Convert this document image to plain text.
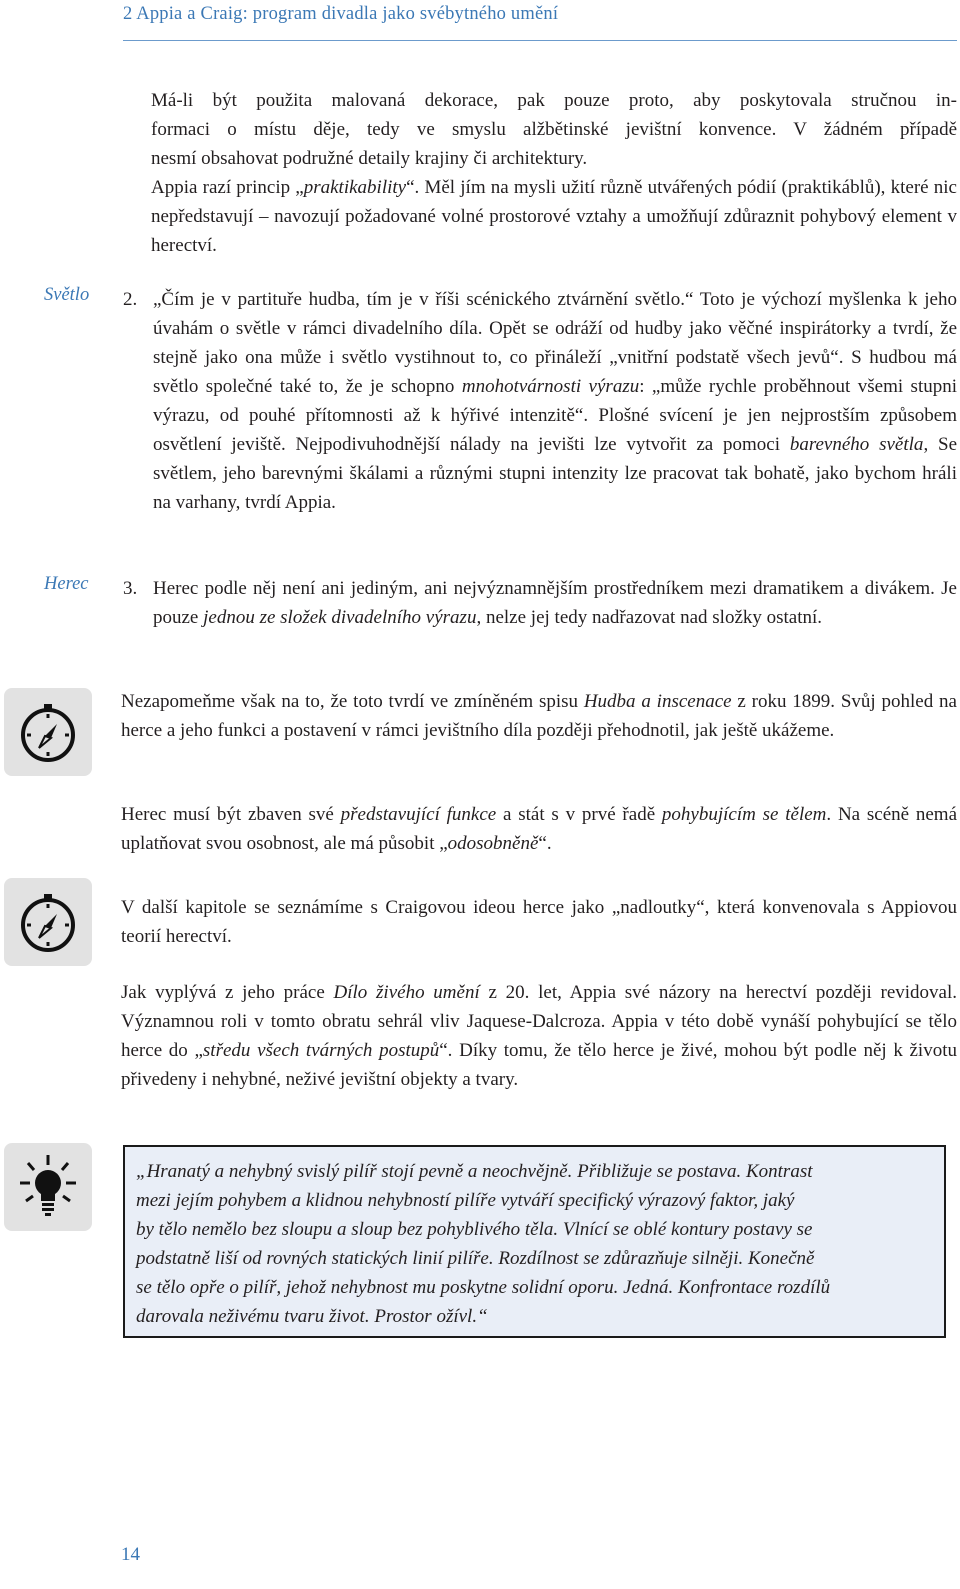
2 Appia a Craig: program divadla jako svébytného umění
Má-li být použita malovaná dekorace, pak pouze proto, aby poskytovala stručnou in-
formaci o místu děje, tedy ve smyslu alžbětinské jevištní konvence. V žádném případě
nesmí obsahovat podružné detaily krajiny či architektury.
Appia razí princip „praktikability“. Měl jím na mysli užití různě utvářených pódií (praktikáblů), které nic nepředstavují – navozují požadované volné prostorové vztahy a umožňují zdůraznit pohybový element v herectví.
Světlo 2. „Čím je v partituře hudba, tím je v říši scénického ztvárnění světlo.“ Toto je výchozí myšlenka k jeho úvahám o světle v rámci divadelního díla. Opět se odráží od hudby jako věčné inspirátorky a tvrdí, že stejně jako ona může i světlo vystihnout to, co přináleží „vnitřní podstatě všech jevů“. S hudbou má světlo společné také to, že je schopno mnohotvárnosti výrazu: „může rychle proběhnout všemi stupni výrazu, od pouhé přítomnosti až k hýřivé intenzitě“. Plošné svícení je jen nejprostším způsobem osvětlení jeviště. Nejpodivuhodnější nálady na jevišti lze vytvořit za pomoci barevného světla, Se světlem, jeho barevnými škálami a různými stupni intenzity lze pracovat tak bohatě, jako bychom hráli na varhany, tvrdí Appia.
Herec 3. Herec podle něj není ani jediným, ani nejvýznamnějším prostředníkem mezi dramatikem a divákem. Je pouze jednou ze složek divadelního výrazu, nelze jej tedy nadřazovat nad složky ostatní.
Nezapomeňme však na to, že toto tvrdí ve zmíněném spisu Hudba a inscenace z roku 1899. Svůj pohled na herce a jeho funkci a postavení v rámci jevištního díla později přehodnotil, jak ještě ukážeme.
Herec musí být zbaven své představující funkce a stát s v prvé řadě pohybujícím se tělem. Na scéně nemá uplatňovat svou osobnost, ale má působit „odosobněně“.
V další kapitole se seznámíme s Craigovou ideou herce jako „nadloutky“, která konvenovala s Appiovou teorií herectví.
Jak vyplývá z jeho práce Dílo živého umění z 20. let, Appia své názory na herectví později revidoval. Významnou roli v tomto obratu sehrál vliv Jaquese-Dalcroza. Appia v této době vynáší pohybující se tělo herce do „středu všech tvárných postupů“. Díky tomu, že tělo herce je živé, mohou být podle něj k životu přivedeny i nehybné, neživé jevištní objekty a tvary.
„Hranatý a nehybný svislý pilíř stojí pevně a neochvějně. Přibližuje se postava. Kontrast
mezi jejím pohybem a klidnou nehybností pilíře vytváří specifický výrazový faktor, jaký
by tělo nemělo bez sloupu a sloup bez pohyblivého těla. Vlnící se oblé kontury postavy se
podstatně liší od rovných statických linií pilíře. Rozdílnost se zdůrazňuje silněji. Konečně
se tělo opře o pilíř, jehož nehybnost mu poskytne solidní oporu. Jedná. Konfrontace rozdílů
darovala neživému tvaru život. Prostor ožívl.“
14
